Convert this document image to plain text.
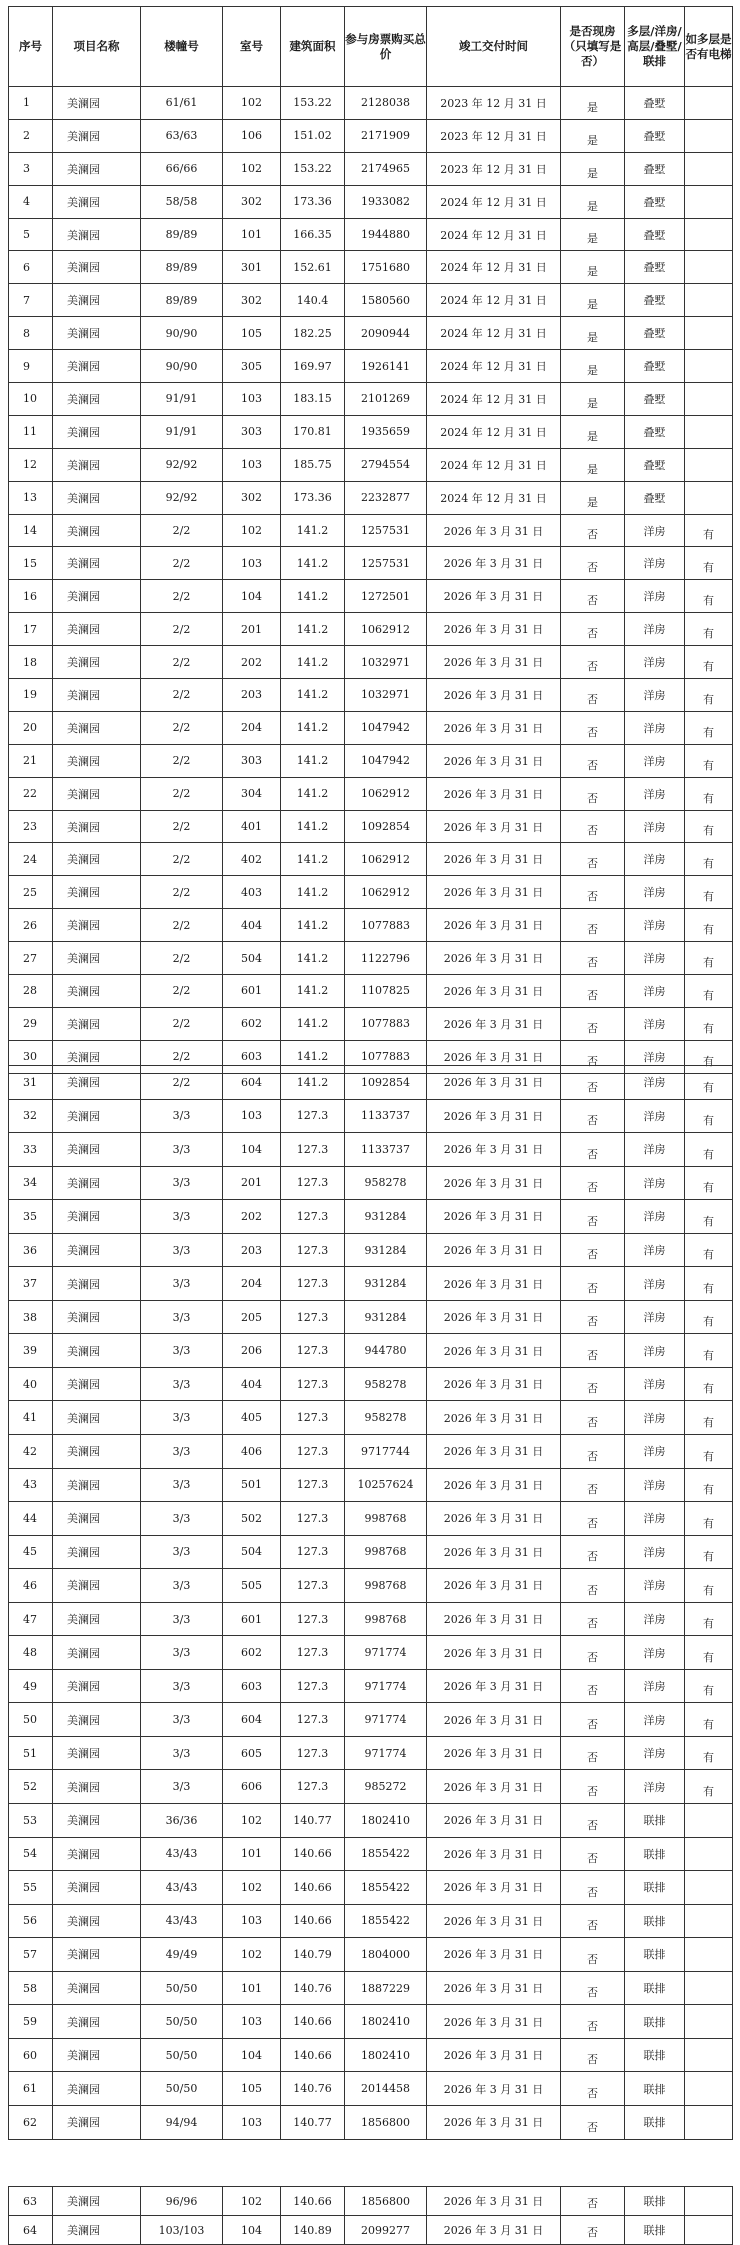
序号	项目名称	楼幢号	室号	建筑面积	参与房票购买总价	竣工交付时间	是否现房（只填写是否）	多层/洋房/高层/叠墅/联排	如多层是否有电梯
1	美澜园	61/61	102	153.22	2128038	2023 年 12 月 31 日	是	叠墅	
2	美澜园	63/63	106	151.02	2171909	2023 年 12 月 31 日	是	叠墅	
3	美澜园	66/66	102	153.22	2174965	2023 年 12 月 31 日	是	叠墅	
4	美澜园	58/58	302	173.36	1933082	2024 年 12 月 31 日	是	叠墅	
5	美澜园	89/89	101	166.35	1944880	2024 年 12 月 31 日	是	叠墅	
6	美澜园	89/89	301	152.61	1751680	2024 年 12 月 31 日	是	叠墅	
7	美澜园	89/89	302	140.4	1580560	2024 年 12 月 31 日	是	叠墅	
8	美澜园	90/90	105	182.25	2090944	2024 年 12 月 31 日	是	叠墅	
9	美澜园	90/90	305	169.97	1926141	2024 年 12 月 31 日	是	叠墅	
10	美澜园	91/91	103	183.15	2101269	2024 年 12 月 31 日	是	叠墅	
11	美澜园	91/91	303	170.81	1935659	2024 年 12 月 31 日	是	叠墅	
12	美澜园	92/92	103	185.75	2794554	2024 年 12 月 31 日	是	叠墅	
13	美澜园	92/92	302	173.36	2232877	2024 年 12 月 31 日	是	叠墅	
14	美澜园	2/2	102	141.2	1257531	2026 年 3 月 31 日	否	洋房	有
15	美澜园	2/2	103	141.2	1257531	2026 年 3 月 31 日	否	洋房	有
16	美澜园	2/2	104	141.2	1272501	2026 年 3 月 31 日	否	洋房	有
17	美澜园	2/2	201	141.2	1062912	2026 年 3 月 31 日	否	洋房	有
18	美澜园	2/2	202	141.2	1032971	2026 年 3 月 31 日	否	洋房	有
19	美澜园	2/2	203	141.2	1032971	2026 年 3 月 31 日	否	洋房	有
20	美澜园	2/2	204	141.2	1047942	2026 年 3 月 31 日	否	洋房	有
21	美澜园	2/2	303	141.2	1047942	2026 年 3 月 31 日	否	洋房	有
22	美澜园	2/2	304	141.2	1062912	2026 年 3 月 31 日	否	洋房	有
23	美澜园	2/2	401	141.2	1092854	2026 年 3 月 31 日	否	洋房	有
24	美澜园	2/2	402	141.2	1062912	2026 年 3 月 31 日	否	洋房	有
25	美澜园	2/2	403	141.2	1062912	2026 年 3 月 31 日	否	洋房	有
26	美澜园	2/2	404	141.2	1077883	2026 年 3 月 31 日	否	洋房	有
27	美澜园	2/2	504	141.2	1122796	2026 年 3 月 31 日	否	洋房	有
28	美澜园	2/2	601	141.2	1107825	2026 年 3 月 31 日	否	洋房	有
29	美澜园	2/2	602	141.2	1077883	2026 年 3 月 31 日	否	洋房	有
30	美澜园	2/2	603	141.2	1077883	2026 年 3 月 31 日	否	洋房	有
31	美澜园	2/2	604	141.2	1092854	2026 年 3 月 31 日	否	洋房	有
32	美澜园	3/3	103	127.3	1133737	2026 年 3 月 31 日	否	洋房	有
33	美澜园	3/3	104	127.3	1133737	2026 年 3 月 31 日	否	洋房	有
34	美澜园	3/3	201	127.3	958278	2026 年 3 月 31 日	否	洋房	有
35	美澜园	3/3	202	127.3	931284	2026 年 3 月 31 日	否	洋房	有
36	美澜园	3/3	203	127.3	931284	2026 年 3 月 31 日	否	洋房	有
37	美澜园	3/3	204	127.3	931284	2026 年 3 月 31 日	否	洋房	有
38	美澜园	3/3	205	127.3	931284	2026 年 3 月 31 日	否	洋房	有
39	美澜园	3/3	206	127.3	944780	2026 年 3 月 31 日	否	洋房	有
40	美澜园	3/3	404	127.3	958278	2026 年 3 月 31 日	否	洋房	有
41	美澜园	3/3	405	127.3	958278	2026 年 3 月 31 日	否	洋房	有
42	美澜园	3/3	406	127.3	9717744	2026 年 3 月 31 日	否	洋房	有
43	美澜园	3/3	501	127.3	10257624	2026 年 3 月 31 日	否	洋房	有
44	美澜园	3/3	502	127.3	998768	2026 年 3 月 31 日	否	洋房	有
45	美澜园	3/3	504	127.3	998768	2026 年 3 月 31 日	否	洋房	有
46	美澜园	3/3	505	127.3	998768	2026 年 3 月 31 日	否	洋房	有
47	美澜园	3/3	601	127.3	998768	2026 年 3 月 31 日	否	洋房	有
48	美澜园	3/3	602	127.3	971774	2026 年 3 月 31 日	否	洋房	有
49	美澜园	3/3	603	127.3	971774	2026 年 3 月 31 日	否	洋房	有
50	美澜园	3/3	604	127.3	971774	2026 年 3 月 31 日	否	洋房	有
51	美澜园	3/3	605	127.3	971774	2026 年 3 月 31 日	否	洋房	有
52	美澜园	3/3	606	127.3	985272	2026 年 3 月 31 日	否	洋房	有
53	美澜园	36/36	102	140.77	1802410	2026 年 3 月 31 日	否	联排	
54	美澜园	43/43	101	140.66	1855422	2026 年 3 月 31 日	否	联排	
55	美澜园	43/43	102	140.66	1855422	2026 年 3 月 31 日	否	联排	
56	美澜园	43/43	103	140.66	1855422	2026 年 3 月 31 日	否	联排	
57	美澜园	49/49	102	140.79	1804000	2026 年 3 月 31 日	否	联排	
58	美澜园	50/50	101	140.76	1887229	2026 年 3 月 31 日	否	联排	
59	美澜园	50/50	103	140.66	1802410	2026 年 3 月 31 日	否	联排	
60	美澜园	50/50	104	140.66	1802410	2026 年 3 月 31 日	否	联排	
61	美澜园	50/50	105	140.76	2014458	2026 年 3 月 31 日	否	联排	
62	美澜园	94/94	103	140.77	1856800	2026 年 3 月 31 日	否	联排	
63	美澜园	96/96	102	140.66	1856800	2026 年 3 月 31 日	否	联排	
64	美澜园	103/103	104	140.89	2099277	2026 年 3 月 31 日	否	联排	
